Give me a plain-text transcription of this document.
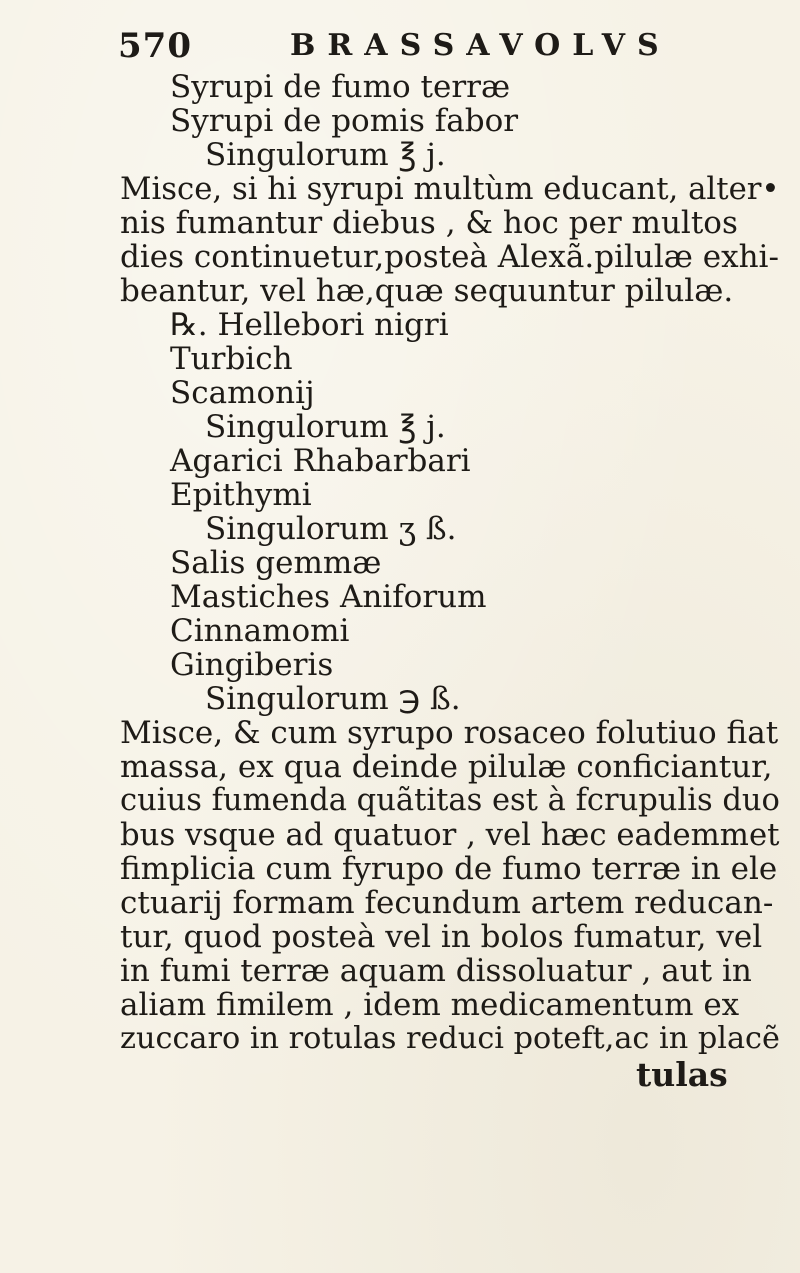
570	BRASSAVOLVS
Syrupi de fumo terræ
Syrupi de pomis fabor
Singulorum ℥ j.
Misce, si hi syrupi multùm educant, alter•
nis fumantur diebus , & hoc per multos
dies continuetur,posteà Alexã.pilulæ exhi-
beantur, vel hæ,quæ sequuntur pilulæ.
℞. Hellebori nigri
Turbich
Scamonij
Singulorum ℥ j.
Agarici Rhabarbari
Epithymi
Singulorum ʒ ß.
Salis gemmæ
Mastiches Aniforum
Cinnamomi
Gingiberis
Singulorum ℈ ß.
Misce, & cum syrupo rosaceo folutiuo fiat
massa, ex qua deinde pilulæ conficiantur,
cuius fumenda quãtitas est à fcrupulis duo
bus vsque ad quatuor , vel hæc eademmet
fimplicia cum fyrupo de fumo terræ in ele
ctuarij formam fecundum artem reducan-
tur, quod posteà vel in bolos fumatur, vel
in fumi terræ aquam dissoluatur , aut in
aliam fimilem , idem medicamentum ex
zuccaro in rotulas reduci poteft,ac in placẽ
tulas
